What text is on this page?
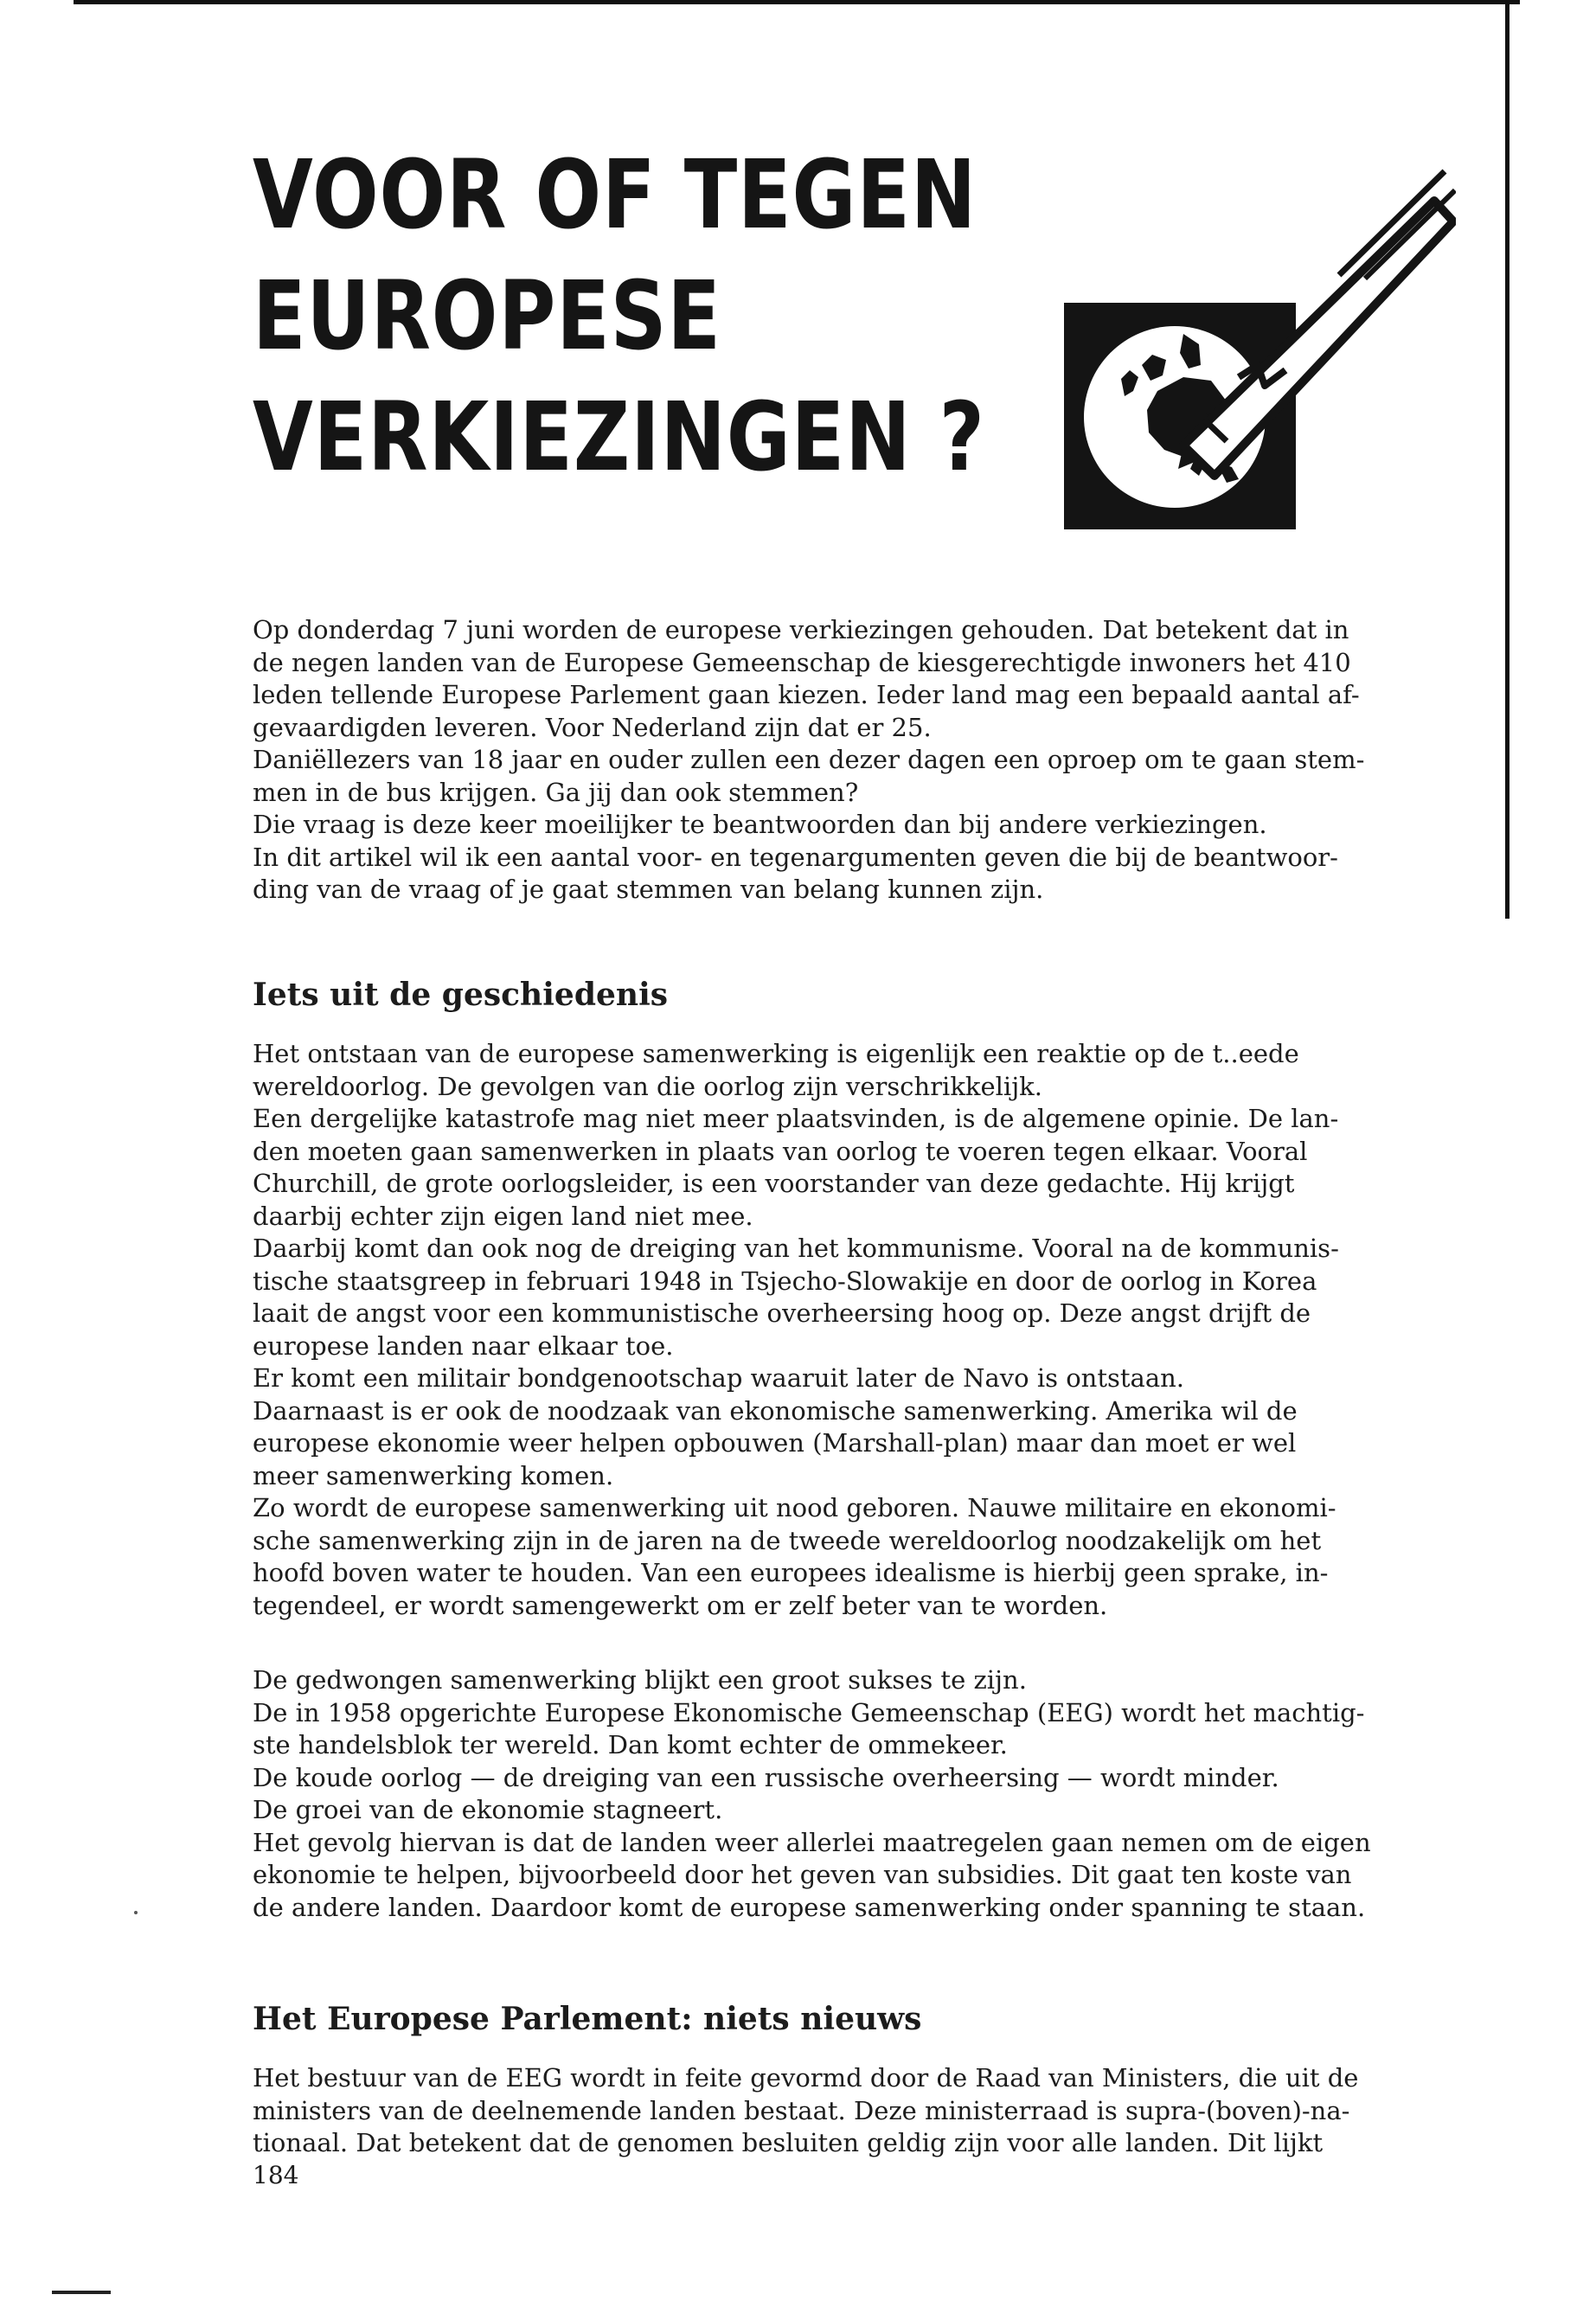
VOOR OF TEGEN
EUROPESE
VERKIEZINGEN ?
Op donderdag 7 juni worden de europese verkiezingen gehouden. Dat betekent dat in
de negen landen van de Europese Gemeenschap de kiesgerechtigde inwoners het 410
leden tellende Europese Parlement gaan kiezen. Ieder land mag een bepaald aantal af-
gevaardigden leveren. Voor Nederland zijn dat er 25.
Daniëllezers van 18 jaar en ouder zullen een dezer dagen een oproep om te gaan stem-
men in de bus krijgen. Ga jij dan ook stemmen?
Die vraag is deze keer moeilijker te beantwoorden dan bij andere verkiezingen.
In dit artikel wil ik een aantal voor- en tegenargumenten geven die bij de beantwoor-
ding van de vraag of je gaat stemmen van belang kunnen zijn.
Iets uit de geschiedenis
Het ontstaan van de europese samenwerking is eigenlijk een reaktie op de t..eede
wereldoorlog. De gevolgen van die oorlog zijn verschrikkelijk.
Een dergelijke katastrofe mag niet meer plaatsvinden, is de algemene opinie. De lan-
den moeten gaan samenwerken in plaats van oorlog te voeren tegen elkaar. Vooral
Churchill, de grote oorlogsleider, is een voorstander van deze gedachte. Hij krijgt
daarbij echter zijn eigen land niet mee.
Daarbij komt dan ook nog de dreiging van het kommunisme. Vooral na de kommunis-
tische staatsgreep in februari 1948 in Tsjecho-Slowakije en door de oorlog in Korea
laait de angst voor een kommunistische overheersing hoog op. Deze angst drijft de
europese landen naar elkaar toe.
Er komt een militair bondgenootschap waaruit later de Navo is ontstaan.
Daarnaast is er ook de noodzaak van ekonomische samenwerking. Amerika wil de
europese ekonomie weer helpen opbouwen (Marshall-plan) maar dan moet er wel
meer samenwerking komen.
Zo wordt de europese samenwerking uit nood geboren. Nauwe militaire en ekonomi-
sche samenwerking zijn in de jaren na de tweede wereldoorlog noodzakelijk om het
hoofd boven water te houden. Van een europees idealisme is hierbij geen sprake, in-
tegendeel, er wordt samengewerkt om er zelf beter van te worden.
De gedwongen samenwerking blijkt een groot sukses te zijn.
De in 1958 opgerichte Europese Ekonomische Gemeenschap (EEG) wordt het machtig-
ste handelsblok ter wereld. Dan komt echter de ommekeer.
De koude oorlog — de dreiging van een russische overheersing — wordt minder.
De groei van de ekonomie stagneert.
Het gevolg hiervan is dat de landen weer allerlei maatregelen gaan nemen om de eigen
ekonomie te helpen, bijvoorbeeld door het geven van subsidies. Dit gaat ten koste van
de andere landen. Daardoor komt de europese samenwerking onder spanning te staan.
Het Europese Parlement: niets nieuws
Het bestuur van de EEG wordt in feite gevormd door de Raad van Ministers, die uit de
ministers van de deelnemende landen bestaat. Deze ministerraad is supra-(boven)-na-
tionaal. Dat betekent dat de genomen besluiten geldig zijn voor alle landen. Dit lijkt

184
